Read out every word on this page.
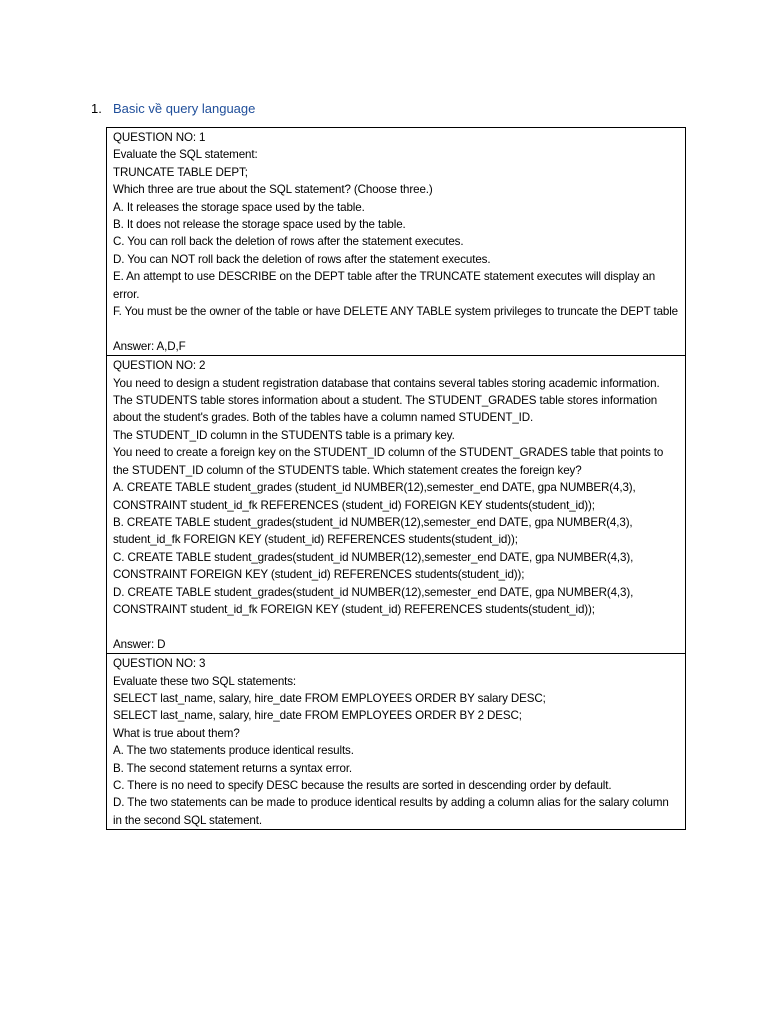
1. Basic về query language
QUESTION NO: 1
Evaluate the SQL statement:
TRUNCATE TABLE DEPT;
Which three are true about the SQL statement? (Choose three.)
A. It releases the storage space used by the table.
B. It does not release the storage space used by the table.
C. You can roll back the deletion of rows after the statement executes.
D. You can NOT roll back the deletion of rows after the statement executes.
E. An attempt to use DESCRIBE on the DEPT table after the TRUNCATE statement executes will display an error.
F. You must be the owner of the table or have DELETE ANY TABLE system privileges to truncate the DEPT table
Answer: A,D,F

QUESTION NO: 2
You need to design a student registration database that contains several tables storing academic information.
The STUDENTS table stores information about a student. The STUDENT_GRADES table stores information about the student's grades. Both of the tables have a column named STUDENT_ID.
The STUDENT_ID column in the STUDENTS table is a primary key.
You need to create a foreign key on the STUDENT_ID column of the STUDENT_GRADES table that points to the STUDENT_ID column of the STUDENTS table. Which statement creates the foreign key?
A. CREATE TABLE student_grades (student_id NUMBER(12),semester_end DATE, gpa NUMBER(4,3), CONSTRAINT student_id_fk REFERENCES (student_id) FOREIGN KEY students(student_id));
B. CREATE TABLE student_grades(student_id NUMBER(12),semester_end DATE, gpa NUMBER(4,3), student_id_fk FOREIGN KEY (student_id) REFERENCES students(student_id));
C. CREATE TABLE student_grades(student_id NUMBER(12),semester_end DATE, gpa NUMBER(4,3), CONSTRAINT FOREIGN KEY (student_id) REFERENCES students(student_id));
D. CREATE TABLE student_grades(student_id NUMBER(12),semester_end DATE, gpa NUMBER(4,3), CONSTRAINT student_id_fk FOREIGN KEY (student_id) REFERENCES students(student_id));
Answer: D

QUESTION NO: 3
Evaluate these two SQL statements:
SELECT last_name, salary, hire_date FROM EMPLOYEES ORDER BY salary DESC;
SELECT last_name, salary, hire_date FROM EMPLOYEES ORDER BY 2 DESC;
What is true about them?
A. The two statements produce identical results.
B. The second statement returns a syntax error.
C. There is no need to specify DESC because the results are sorted in descending order by default.
D. The two statements can be made to produce identical results by adding a column alias for the salary column in the second SQL statement.
